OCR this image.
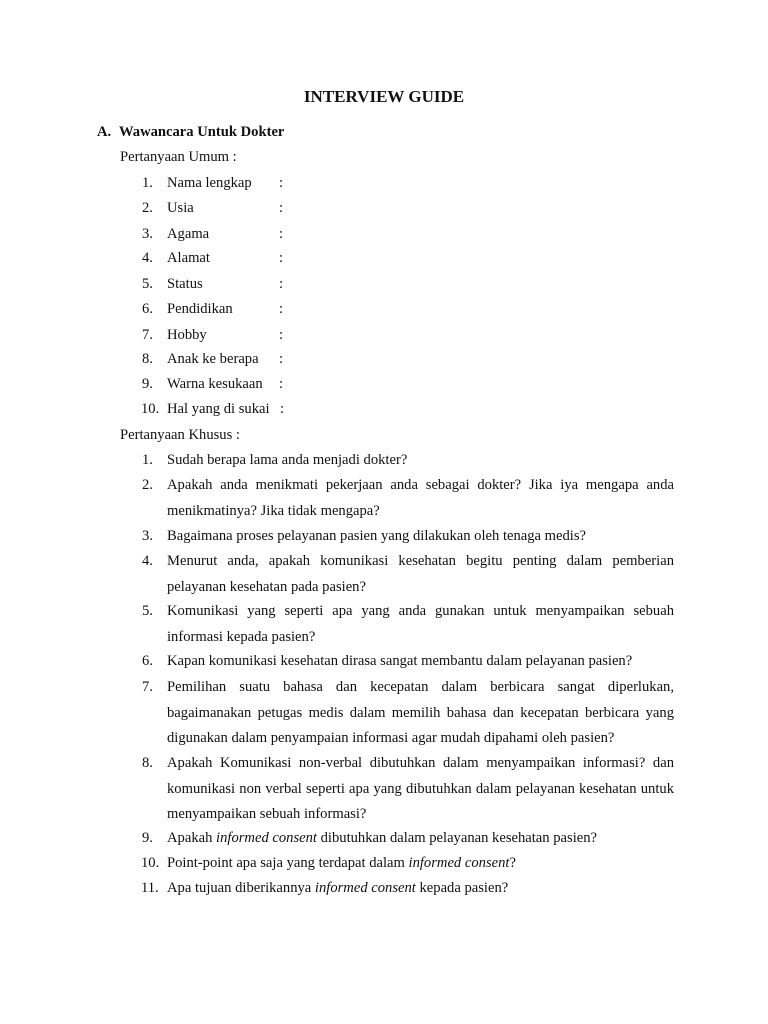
INTERVIEW GUIDE
A. Wawancara Untuk Dokter
Pertanyaan Umum :
1. Nama lengkap :
2. Usia	:
3. Agama	:
4. Alamat	:
5. Status	:
6. Pendidikan	:
7. Hobby	:
8. Anak ke berapa :
9. Warna kesukaan :
10. Hal yang di sukai :
Pertanyaan Khusus :
1. Sudah berapa lama anda menjadi dokter?
2. Apakah anda menikmati pekerjaan anda sebagai dokter? Jika iya mengapa anda menikmatinya? Jika tidak mengapa?
3. Bagaimana proses pelayanan pasien yang dilakukan oleh tenaga medis?
4. Menurut anda, apakah komunikasi kesehatan begitu penting dalam pemberian pelayanan kesehatan pada pasien?
5. Komunikasi yang seperti apa yang anda gunakan untuk menyampaikan sebuah informasi kepada pasien?
6. Kapan komunikasi kesehatan dirasa sangat membantu dalam pelayanan pasien?
7. Pemilihan suatu bahasa dan kecepatan dalam berbicara sangat diperlukan, bagaimanakan petugas medis dalam memilih bahasa dan kecepatan berbicara yang digunakan dalam penyampaian informasi agar mudah dipahami oleh pasien?
8. Apakah Komunikasi non-verbal dibutuhkan dalam menyampaikan informasi? dan komunikasi non verbal seperti apa yang dibutuhkan dalam pelayanan kesehatan untuk menyampaikan sebuah informasi?
9. Apakah informed consent dibutuhkan dalam pelayanan kesehatan pasien?
10. Point-point apa saja yang terdapat dalam informed consent?
11. Apa tujuan diberikannya informed consent kepada pasien?
